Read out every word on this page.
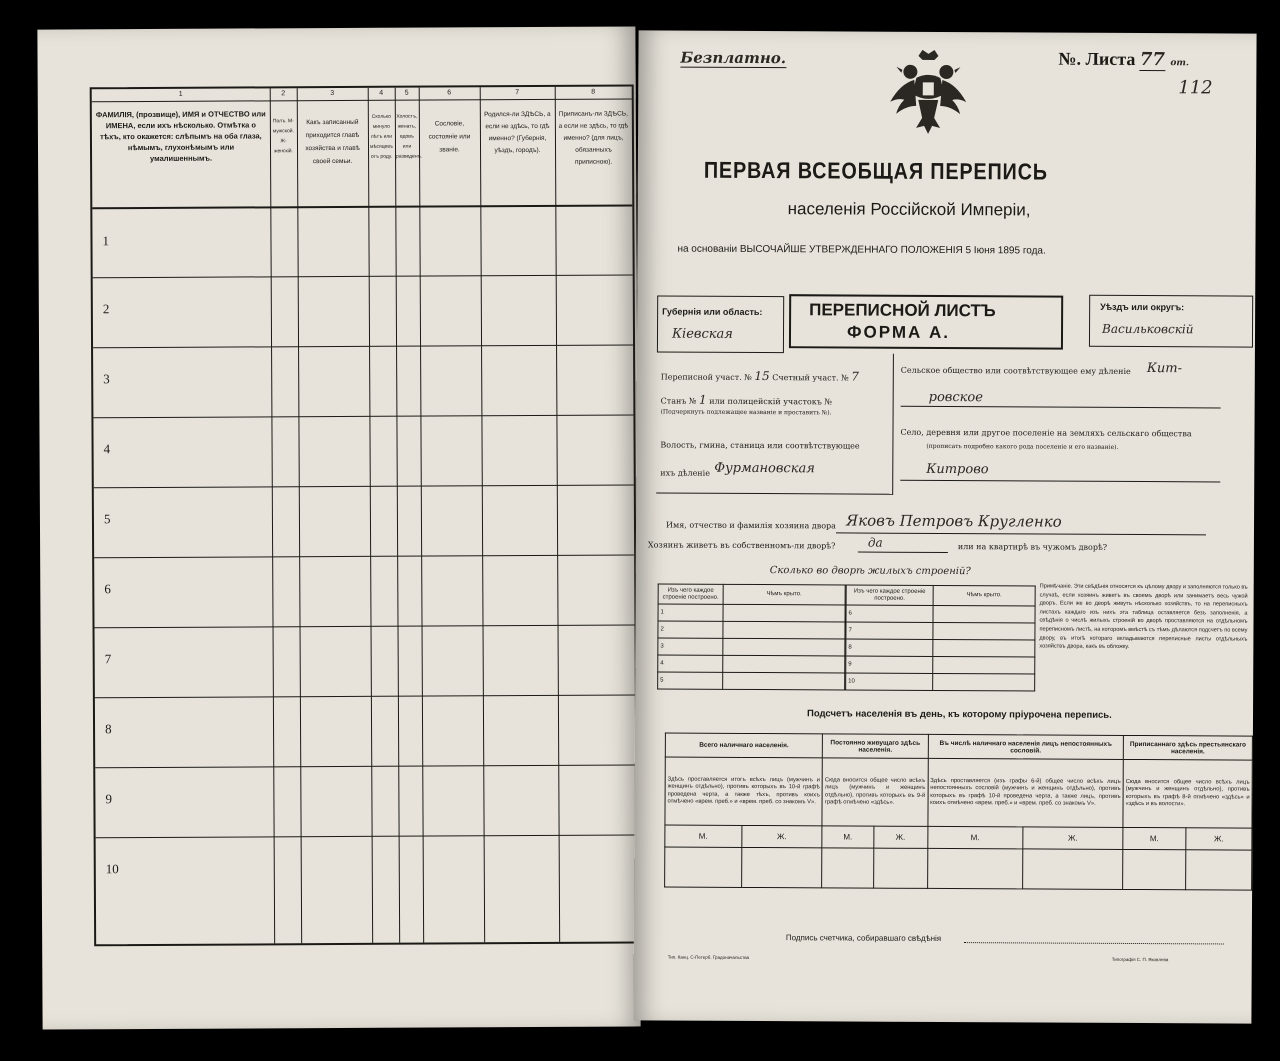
1	2	3	4	5	6	7	8
ФАМИЛІЯ, (прозвище), ИМЯ и ОТЧЕСТВО или ИМЕНА, если ихъ нѣсколько. Отмѣтка о тѣхъ, кто окажется: слѣпымъ на оба глаза, нѣмымъ, глухонѣмымъ или умалишеннымъ.
Полъ. М-мужской. Ж-женскій.
Какъ записанный приходится главѣ хозяйства и главѣ своей семьи.
Сколько минуло лѣтъ или мѣсяцевъ отъ роду.
Холостъ, женатъ, вдовъ или разведенъ.
Сословіе, состояніе или званіе.
Родился-ли ЗДѢСЬ, а если не здѣсь, то гдѣ именно? (Губернія, уѣздъ, городъ).
Приписанъ-ли ЗДѢСЬ, а если не здѣсь, то гдѣ именно? (для лицъ, обязанныхъ приписною).
1
2
3
4
5
6
7
8
9
10
Безплатно.	№. Листа 77 от.
112
ПЕРВАЯ ВСЕОБЩАЯ ПЕРЕПИСЬ
населенія Россійской Имперіи,
на основаніи ВЫСОЧАЙШЕ УТВЕРЖДЕННАГО ПОЛОЖЕНІЯ 5 Іюня 1895 года.
Губернія или область:
Кіевская
ПЕРЕПИСНОЙ ЛИСТЪ
ФОРМА А.
Уѣздъ или округъ:
Васильковскій
Переписной участ. № 15 Счетный участ. № 7
Станъ № 1 или полицейскій участокъ №
(Подчеркнуть подлежащее названіе и проставить №).
Волость, гмина, станица или соотвѣтствующее
ихъ дѣленіе Фурмановская
Сельское общество или соотвѣтствующее ему дѣленіе Кит-
ровское
Село, деревня или другое поселеніе на земляхъ сельскаго общества
(прописать подробно какого рода поселеніе и его названіе).
Китрово
Имя, отчество и фамилія хозяина двора Яковъ Петровъ Кругленко
Хозяинъ живетъ въ собственномъ-ли дворѣ?	да	или на квартирѣ въ чужомъ дворѣ?
Сколько во дворѣ жилыхъ строеній?
Изъ чего каждое строеніе построено.	Чѣмъ крыто.
1	
2	
3	
4	
5	
Изъ чего каждое строеніе построено.	Чѣмъ крыто.
6	
7	
8	
9	
10	
Примѣчаніе. Эти свѣдѣнія относятся къ цѣлому двору и заполняются только въ случаѣ, если хозяинъ живетъ въ своемъ дворѣ или занимаетъ весь чужой дворъ. Если же во дворѣ живутъ нѣсколько хозяйствъ, то на переписныхъ листахъ каждаго изъ нихъ эта таблица оставляется безъ заполненія, а свѣдѣнія о числѣ жилыхъ строеній во дворѣ проставляются на отдѣльномъ переписномъ листѣ, на которомъ вмѣстѣ съ тѣмъ дѣлаются подсчетъ по всему двору, въ итогѣ котораго вкладываются переписные листы отдѣльныхъ хозяйствъ двора, какъ въ обложку.
Подсчетъ населенія въ день, къ которому пріурочена перепись.
Всего наличнаго населенія.		Постоянно живущаго здѣсь населенія.		Въ числѣ наличнаго населенія лицъ непостоянныхъ сословій.		Приписаннаго здѣсь престьянскаго населенія.	
Здѣсь проставляется итогъ всѣхъ лицъ (мужчинъ и женщинъ отдѣльно), противъ которыхъ въ 10-й графѣ проведена черта, а также тѣхъ, противъ коихъ отмѣчено «врем. преб.» и «врем. преб. со знакомъ V».		Сюда вносится общее число всѣхъ лицъ (мужчинъ и женщинъ отдѣльно), противъ которыхъ въ 9-й графѣ отмѣчено «здѣсь».		Здѣсь проставляется (изъ графы 6-й) общее число всѣхъ лицъ непостоянныхъ сословій (мужчинъ и женщинъ отдѣльно), противъ которыхъ въ графѣ 10-й проведена черта, а также лицъ, противъ коихъ отмѣчено «врем. преб.» и «врем. преб. со знакомъ V».		Сюда вносится общее число всѣхъ лицъ (мужчинъ и женщинъ отдѣльно), противъ которыхъ въ графѣ 8-й отмѣчено «здѣсь» и «здѣсь и въ волости».	
М.	Ж.	М.	Ж.	М.	Ж.	М.	Ж.

Подпись счетчика, собиравшаго свѣдѣнія
Тип. Канц. С-Петерб. Градоначальства	Типографія С. П. Яковлева
